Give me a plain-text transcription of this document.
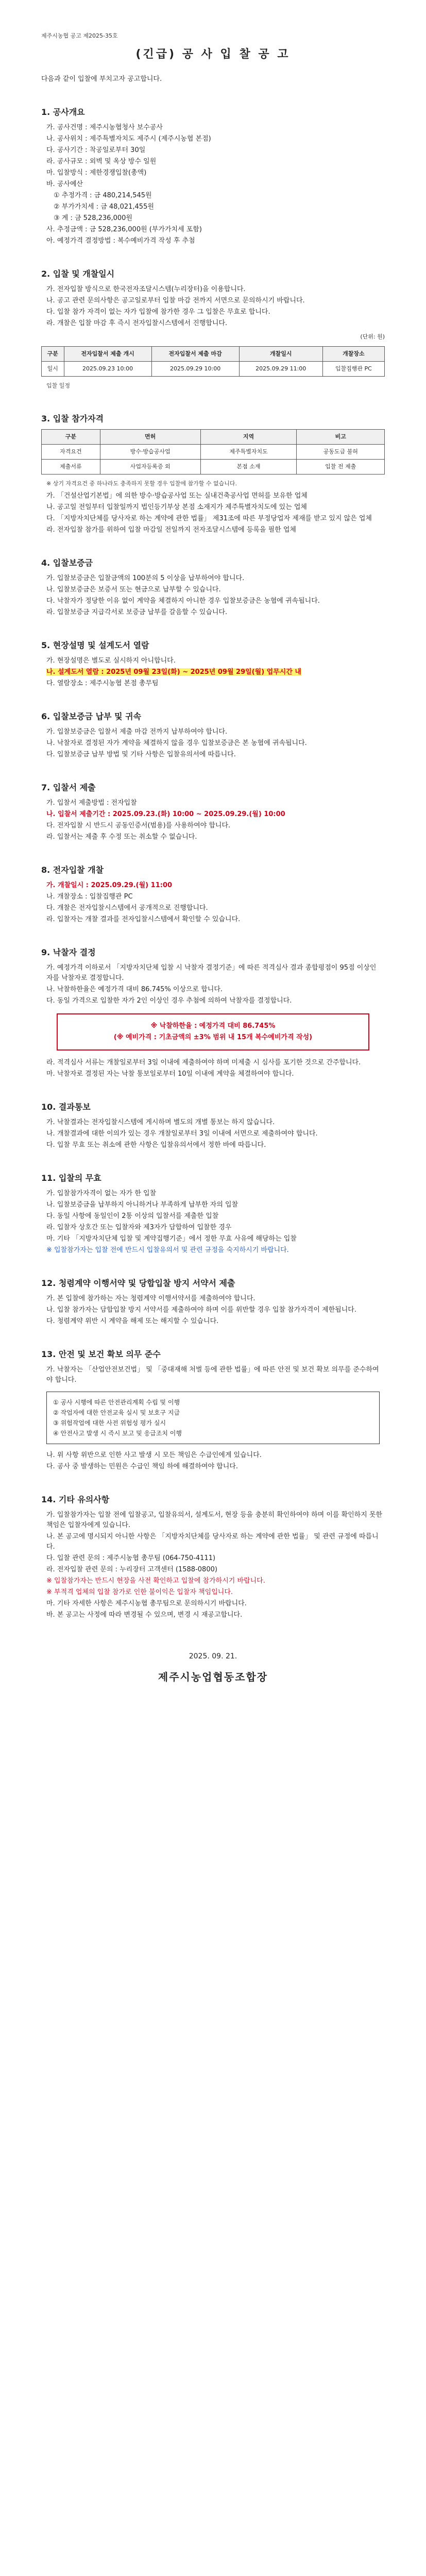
제주시농협 공고 제2025-35호
(긴급) 공 사 입 찰 공 고
다음과 같이 입찰에 부치고자 공고합니다.
1. 공사개요
가. 공사건명 : 제주시농협청사 보수공사
나. 공사위치 : 제주특별자치도 제주시 (제주시농협 본점)
다. 공사기간 : 착공일로부터 30일
라. 공사규모 : 외벽 및 옥상 방수 일원
마. 입찰방식 : 제한경쟁입찰(총액)
바. 공사예산
① 추정가격 : 금 480,214,545원
② 부가가치세 : 금 48,021,455원
③ 계 : 금 528,236,000원
사. 추정금액 : 금 528,236,000원 (부가가치세 포함)
아. 예정가격 결정방법 : 복수예비가격 작성 후 추첨
2. 입찰 및 개찰일시
가. 전자입찰 방식으로 한국전자조달시스템(누리장터)을 이용합니다.
나. 공고 관련 문의사항은 공고일로부터 입찰 마감 전까지 서면으로 문의하시기 바랍니다.
다. 입찰 참가 자격이 없는 자가 입찰에 참가한 경우 그 입찰은 무효로 합니다.
라. 개찰은 입찰 마감 후 즉시 전자입찰시스템에서 진행합니다.
(단위: 원)
구분	전자입찰서 제출 개시	전자입찰서 제출 마감	개찰일시	개찰장소
일시	2025.09.23 10:00	2025.09.29 10:00	2025.09.29 11:00	입찰집행관 PC
입찰 일정
3. 입찰 참가자격
구분	면허	지역	비고
자격요건	방수·방습공사업	제주특별자치도	공동도급 불허
제출서류	사업자등록증 외	본점 소재	입찰 전 제출
※ 상기 자격요건 중 하나라도 충족하지 못할 경우 입찰에 참가할 수 없습니다.
가. 「건설산업기본법」에 의한 방수·방습공사업 또는 실내건축공사업 면허를 보유한 업체
나. 공고일 전일부터 입찰일까지 법인등기부상 본점 소재지가 제주특별자치도에 있는 업체
다. 「지방자치단체를 당사자로 하는 계약에 관한 법률」 제31조에 따른 부정당업자 제재를 받고 있지 않은 업체
라. 전자입찰 참가를 위하여 입찰 마감일 전일까지 전자조달시스템에 등록을 필한 업체
4. 입찰보증금
가. 입찰보증금은 입찰금액의 100분의 5 이상을 납부하여야 합니다.
나. 입찰보증금은 보증서 또는 현금으로 납부할 수 있습니다.
다. 낙찰자가 정당한 이유 없이 계약을 체결하지 아니한 경우 입찰보증금은 농협에 귀속됩니다.
라. 입찰보증금 지급각서로 보증금 납부를 갈음할 수 있습니다.
5. 현장설명 및 설계도서 열람
가. 현장설명은 별도로 실시하지 아니합니다.
나. 설계도서 열람 : 2025년 09월 23일(화) ~ 2025년 09월 29일(월) 업무시간 내
다. 열람장소 : 제주시농협 본점 총무팀
6. 입찰보증금 납부 및 귀속
가. 입찰보증금은 입찰서 제출 마감 전까지 납부하여야 합니다.
나. 낙찰자로 결정된 자가 계약을 체결하지 않을 경우 입찰보증금은 본 농협에 귀속됩니다.
다. 입찰보증금 납부 방법 및 기타 사항은 입찰유의서에 따릅니다.
7. 입찰서 제출
가. 입찰서 제출방법 : 전자입찰
나. 입찰서 제출기간 : 2025.09.23.(화) 10:00 ~ 2025.09.29.(월) 10:00
다. 전자입찰 시 반드시 공동인증서(범용)를 사용하여야 합니다.
라. 입찰서는 제출 후 수정 또는 취소할 수 없습니다.
8. 전자입찰 개찰
가. 개찰일시 : 2025.09.29.(월) 11:00
나. 개찰장소 : 입찰집행관 PC
다. 개찰은 전자입찰시스템에서 공개적으로 진행합니다.
라. 입찰자는 개찰 결과를 전자입찰시스템에서 확인할 수 있습니다.
9. 낙찰자 결정
가. 예정가격 이하로서 「지방자치단체 입찰 시 낙찰자 결정기준」에 따른 적격심사 결과 종합평점이 95점 이상인 자를 낙찰자로 결정합니다.
나. 낙찰하한율은 예정가격 대비 86.745% 이상으로 합니다.
다. 동일 가격으로 입찰한 자가 2인 이상인 경우 추첨에 의하여 낙찰자를 결정합니다.
※ 낙찰하한율 : 예정가격 대비 86.745%
(※ 예비가격 : 기초금액의 ±3% 범위 내 15개 복수예비가격 작성)
라. 적격심사 서류는 개찰일로부터 3일 이내에 제출하여야 하며 미제출 시 심사를 포기한 것으로 간주합니다.
마. 낙찰자로 결정된 자는 낙찰 통보일로부터 10일 이내에 계약을 체결하여야 합니다.
10. 결과통보
가. 낙찰결과는 전자입찰시스템에 게시하며 별도의 개별 통보는 하지 않습니다.
나. 개찰결과에 대한 이의가 있는 경우 개찰일로부터 3일 이내에 서면으로 제출하여야 합니다.
다. 입찰 무효 또는 취소에 관한 사항은 입찰유의서에서 정한 바에 따릅니다.
11. 입찰의 무효
가. 입찰참가자격이 없는 자가 한 입찰
나. 입찰보증금을 납부하지 아니하거나 부족하게 납부한 자의 입찰
다. 동일 사항에 동일인이 2통 이상의 입찰서를 제출한 입찰
라. 입찰자 상호간 또는 입찰자와 제3자가 담합하여 입찰한 경우
마. 기타 「지방자치단체 입찰 및 계약집행기준」에서 정한 무효 사유에 해당하는 입찰
※ 입찰참가자는 입찰 전에 반드시 입찰유의서 및 관련 규정을 숙지하시기 바랍니다.
12. 청렴계약 이행서약 및 당합입찰 방지 서약서 제출
가. 본 입찰에 참가하는 자는 청렴계약 이행서약서를 제출하여야 합니다.
나. 입찰 참가자는 담합입찰 방지 서약서를 제출하여야 하며 이를 위반할 경우 입찰 참가자격이 제한됩니다.
다. 청렴계약 위반 시 계약을 해제 또는 해지할 수 있습니다.
13. 안전 및 보건 확보 의무 준수
가. 낙찰자는 「산업안전보건법」 및 「중대재해 처벌 등에 관한 법률」에 따른 안전 및 보건 확보 의무를 준수하여야 합니다.
① 공사 시행에 따른 안전관리계획 수립 및 이행
② 작업자에 대한 안전교육 실시 및 보호구 지급
③ 위험작업에 대한 사전 위험성 평가 실시
④ 안전사고 발생 시 즉시 보고 및 응급조치 이행
나. 위 사항 위반으로 인한 사고 발생 시 모든 책임은 수급인에게 있습니다.
다. 공사 중 발생하는 민원은 수급인 책임 하에 해결하여야 합니다.
14. 기타 유의사항
가. 입찰참가자는 입찰 전에 입찰공고, 입찰유의서, 설계도서, 현장 등을 충분히 확인하여야 하며 이를 확인하지 못한 책임은 입찰자에게 있습니다.
나. 본 공고에 명시되지 아니한 사항은 「지방자치단체를 당사자로 하는 계약에 관한 법률」 및 관련 규정에 따릅니다.
다. 입찰 관련 문의 : 제주시농협 총무팀 (064-750-4111)
라. 전자입찰 관련 문의 : 누리장터 고객센터 (1588-0800)
※ 입찰참가자는 반드시 현장을 사전 확인하고 입찰에 참가하시기 바랍니다.
※ 부적격 업체의 입찰 참가로 인한 불이익은 입찰자 책임입니다.
마. 기타 자세한 사항은 제주시농협 총무팀으로 문의하시기 바랍니다.
바. 본 공고는 사정에 따라 변경될 수 있으며, 변경 시 재공고합니다.
2025. 09. 21.
제주시농업협동조합장
